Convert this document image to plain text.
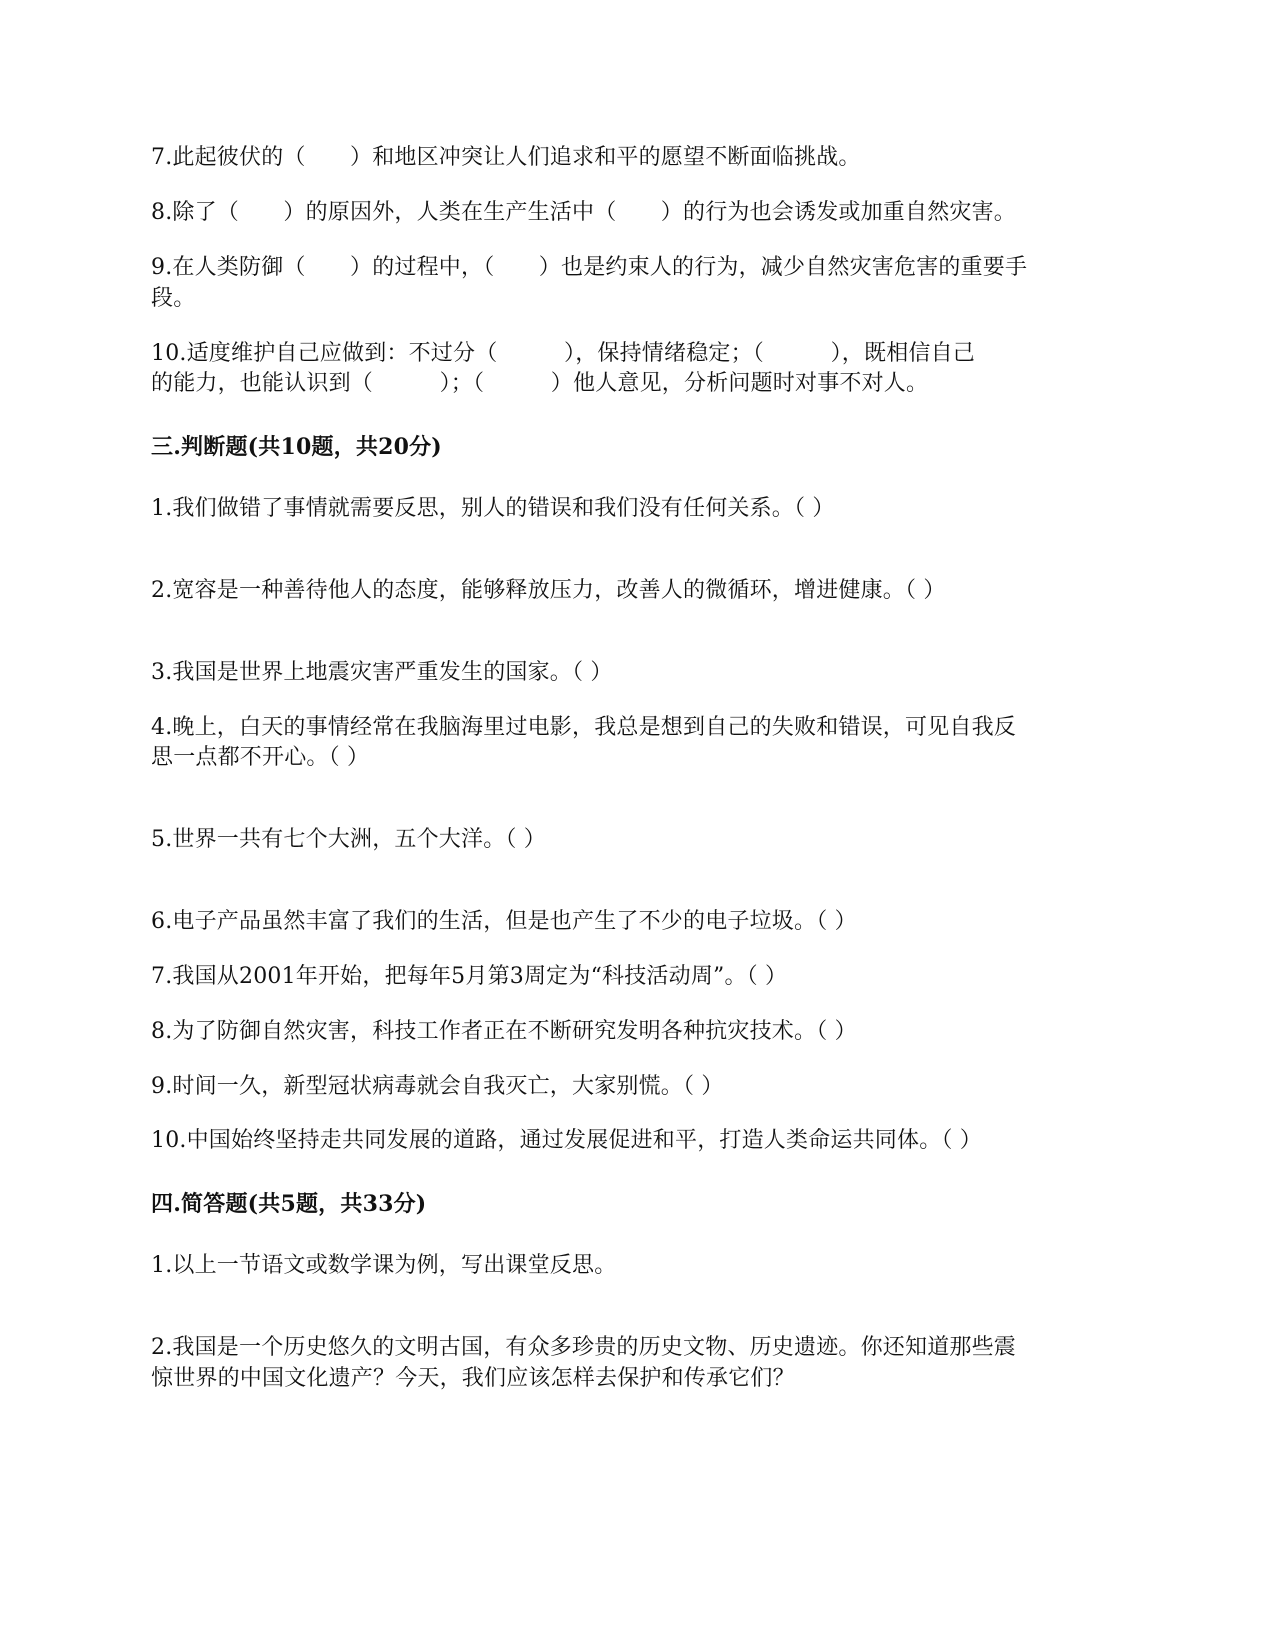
7.此起彼伏的（　　）和地区冲突让人们追求和平的愿望不断面临挑战。
8.除了（　　）的原因外，人类在生产生活中（　　）的行为也会诱发或加重自然灾害。
9.在人类防御（　　）的过程中，（　　）也是约束人的行为，减少自然灾害危害的重要手
段。
10.适度维护自己应做到：不过分（　　　），保持情绪稳定；（　　　），既相信自己
的能力，也能认识到（　　　）；（　　　）他人意见，分析问题时对事不对人。
三.判断题(共10题，共20分)
1.我们做错了事情就需要反思，别人的错误和我们没有任何关系。（ ）
2.宽容是一种善待他人的态度，能够释放压力，改善人的微循环，增进健康。（ ）
3.我国是世界上地震灾害严重发生的国家。（ ）
4.晚上，白天的事情经常在我脑海里过电影，我总是想到自己的失败和错误，可见自我反
思一点都不开心。（ ）
5.世界一共有七个大洲，五个大洋。（ ）
6.电子产品虽然丰富了我们的生活，但是也产生了不少的电子垃圾。（ ）
7.我国从2001年开始，把每年5月第3周定为“科技活动周”。（ ）
8.为了防御自然灾害，科技工作者正在不断研究发明各种抗灾技术。（ ）
9.时间一久，新型冠状病毒就会自我灭亡，大家别慌。（ ）
10.中国始终坚持走共同发展的道路，通过发展促进和平，打造人类命运共同体。（ ）
四.简答题(共5题，共33分)
1.以上一节语文或数学课为例，写出课堂反思。
2.我国是一个历史悠久的文明古国，有众多珍贵的历史文物、历史遗迹。你还知道那些震
惊世界的中国文化遗产？今天，我们应该怎样去保护和传承它们？
